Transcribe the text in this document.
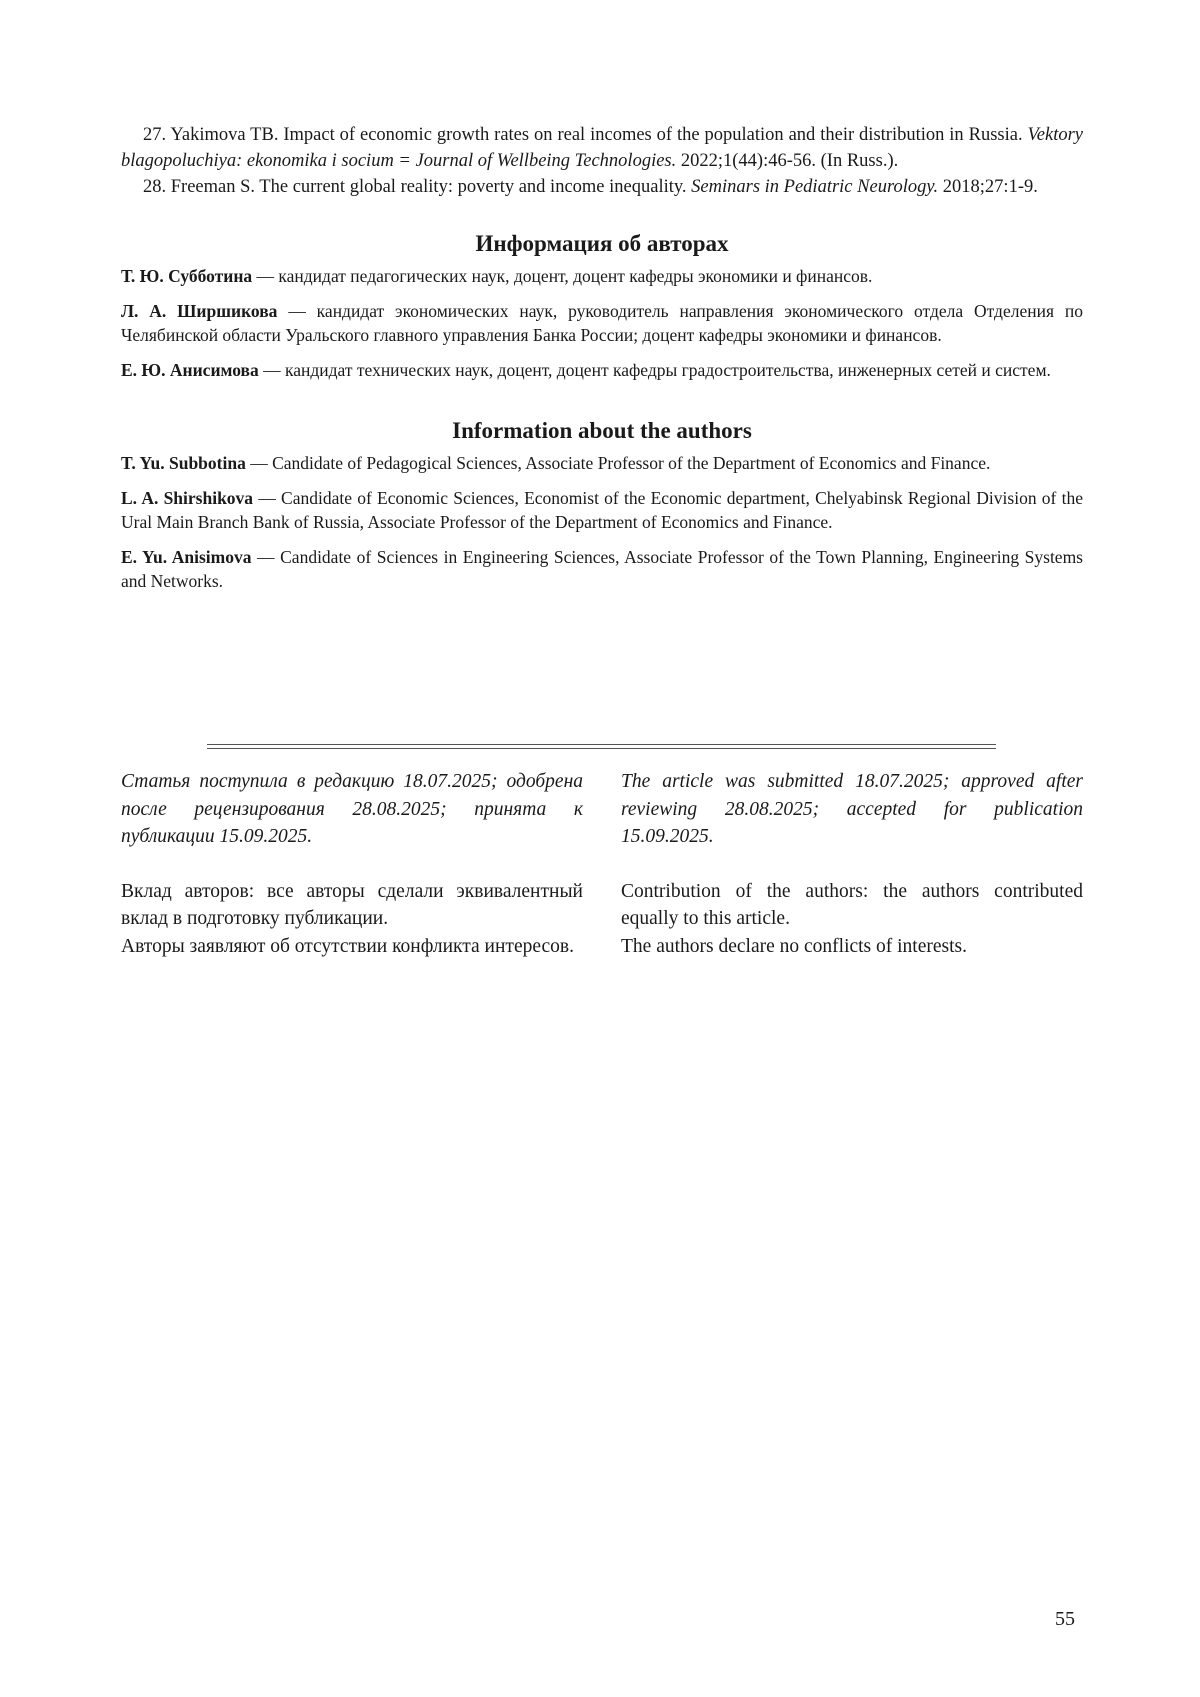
27. Yakimova TB. Impact of economic growth rates on real incomes of the population and their distribution in Russia. Vektory blagopoluchiya: ekonomika i socium = Journal of Wellbeing Technologies. 2022;1(44):46-56. (In Russ.).

28. Freeman S. The current global reality: poverty and income inequality. Seminars in Pediatric Neurology. 2018;27:1-9.

Информация об авторах

Т. Ю. Субботина — кандидат педагогических наук, доцент, доцент кафедры экономики и финансов.

Л. А. Ширшикова — кандидат экономических наук, руководитель направления экономического отдела Отделения по Челябинской области Уральского главного управления Банка России; доцент кафедры экономики и финансов.

Е. Ю. Анисимова — кандидат технических наук, доцент, доцент кафедры градостроительства, инженерных сетей и систем.

Information about the authors

T. Yu. Subbotina — Candidate of Pedagogical Sciences, Associate Professor of the Department of Economics and Finance.

L. A. Shirshikova — Candidate of Economic Sciences, Economist of the Economic department, Chelyabinsk Regional Division of the Ural Main Branch Bank of Russia, Associate Professor of the Department of Economics and Finance.

E. Yu. Anisimova — Candidate of Sciences in Engineering Sciences, Associate Professor of the Town Planning, Engineering Systems and Networks.

Статья поступила в редакцию 18.07.2025; одобрена после рецензирования 28.08.2025; принята к публикации 15.09.2025.

Вклад авторов: все авторы сделали эквивалентный вклад в подготовку публикации.

Авторы заявляют об отсутствии конфликта интересов.

The article was submitted 18.07.2025; approved after reviewing 28.08.2025; accepted for publication 15.09.2025.

Contribution of the authors: the authors contributed equally to this article.

The authors declare no conflicts of interests.

55
